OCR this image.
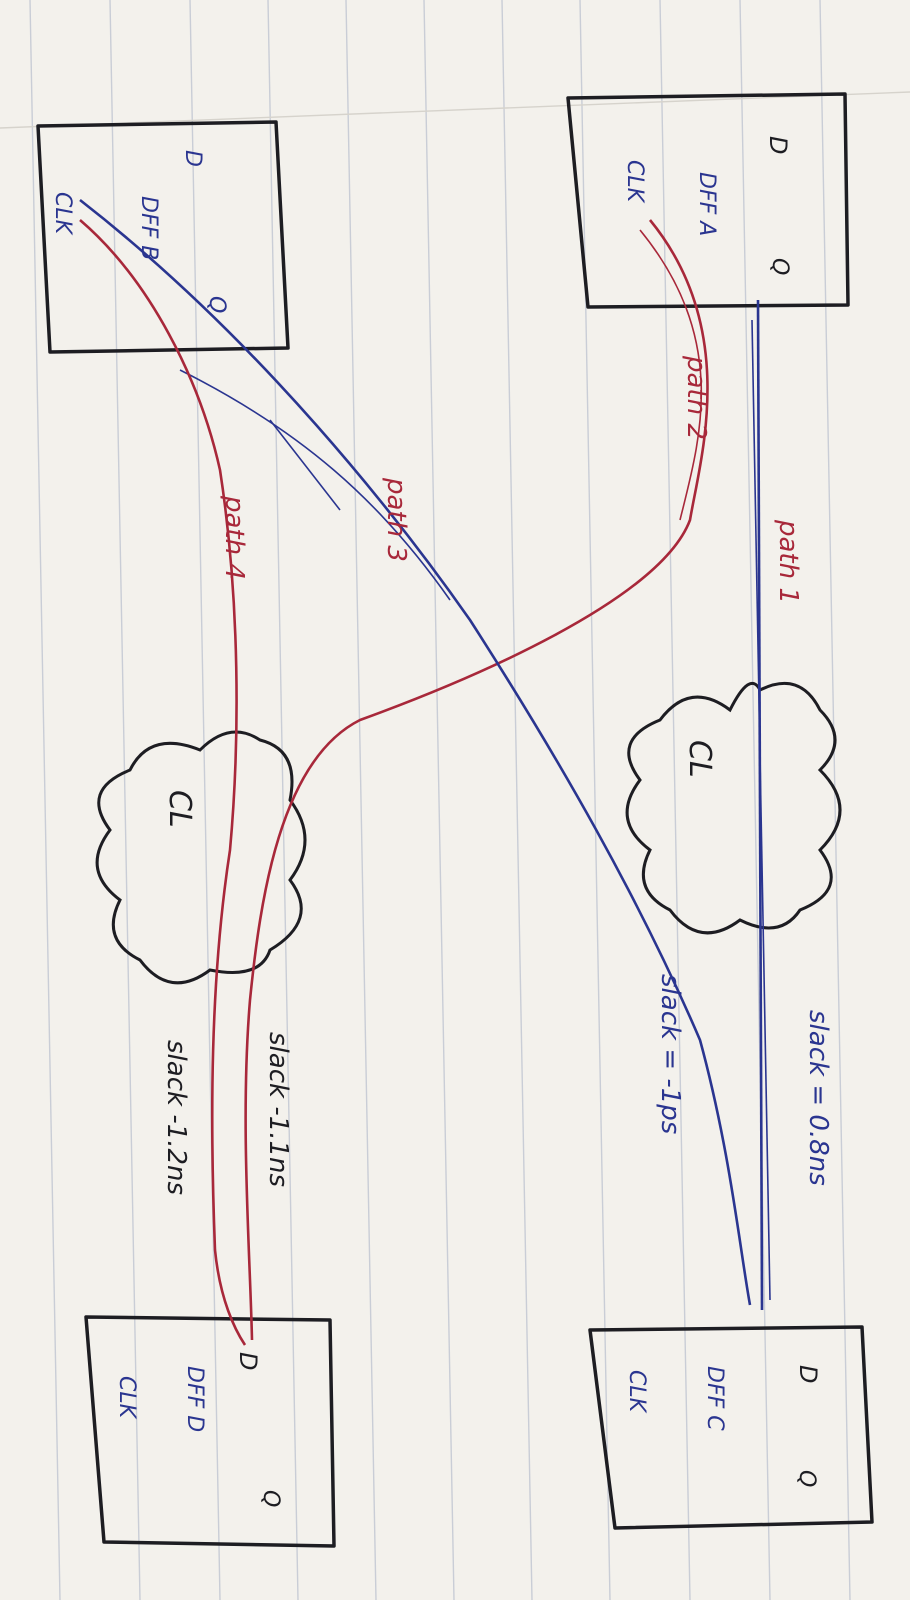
D
Q
CLK DFF A
D
Q
CLK	DFF B
D
Q
CLK DFF C
D
Q
CLK DFF D
CL
CL
path 1
slack = 0.8ns
path 2
slack -1.1ns
path 3
slack = -1ps
path 4
slack -1.2ns
